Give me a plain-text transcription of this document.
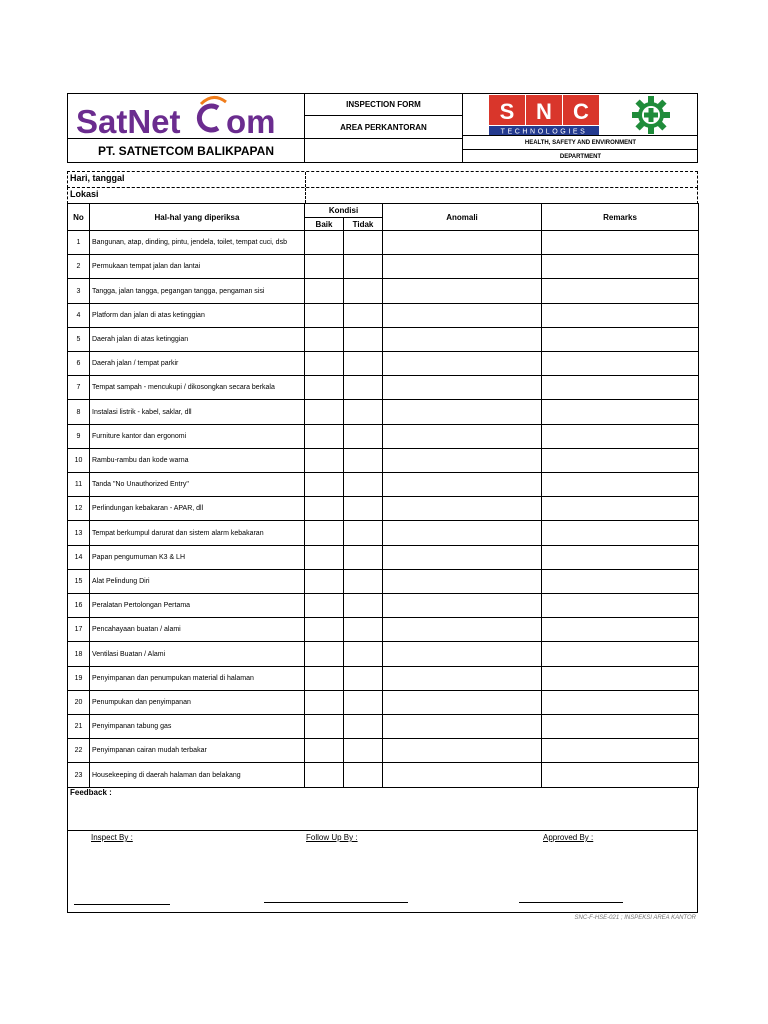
SatNet om
PT. SATNETCOM BALIKPAPAN
INSPECTION FORM
AREA PERKANTORAN
S N C
TECHNOLOGIES
HEALTH, SAFETY AND ENVIRONMENT
DEPARTMENT
Hari, tanggal
Lokasi
No	Hal-hal yang diperiksa	Kondisi		Anomali	Remarks
		Baik	Tidak		
1	Bangunan, atap, dinding, pintu, jendela, toilet, tempat cuci, dsb				
2	Permukaan tempat jalan dan lantai				
3	Tangga, jalan tangga, pegangan tangga, pengaman sisi				
4	Platform dan jalan di atas ketinggian				
5	Daerah jalan di atas ketinggian				
6	Daerah jalan / tempat parkir				
7	Tempat sampah - mencukupi / dikosongkan secara berkala				
8	Instalasi listrik - kabel, saklar, dll				
9	Furniture kantor dan ergonomi				
10	Rambu-rambu dan kode warna				
11	Tanda "No Unauthorized Entry"				
12	Perlindungan kebakaran - APAR, dll				
13	Tempat berkumpul darurat dan sistem alarm kebakaran				
14	Papan pengumuman K3 & LH				
15	Alat Pelindung Diri				
16	Peralatan Pertolongan Pertama				
17	Pencahayaan buatan / alami				
18	Ventilasi Buatan / Alami				
19	Penyimpanan dan penumpukan material di halaman				
20	Penumpukan dan penyimpanan				
21	Penyimpanan tabung gas				
22	Penyimpanan cairan mudah terbakar				
23	Housekeeping di daerah halaman dan belakang				
Feedback :
Inspect By :	Follow Up By :	Approved By :
SNC-F-HSE-021 ; INSPEKSI AREA KANTOR
